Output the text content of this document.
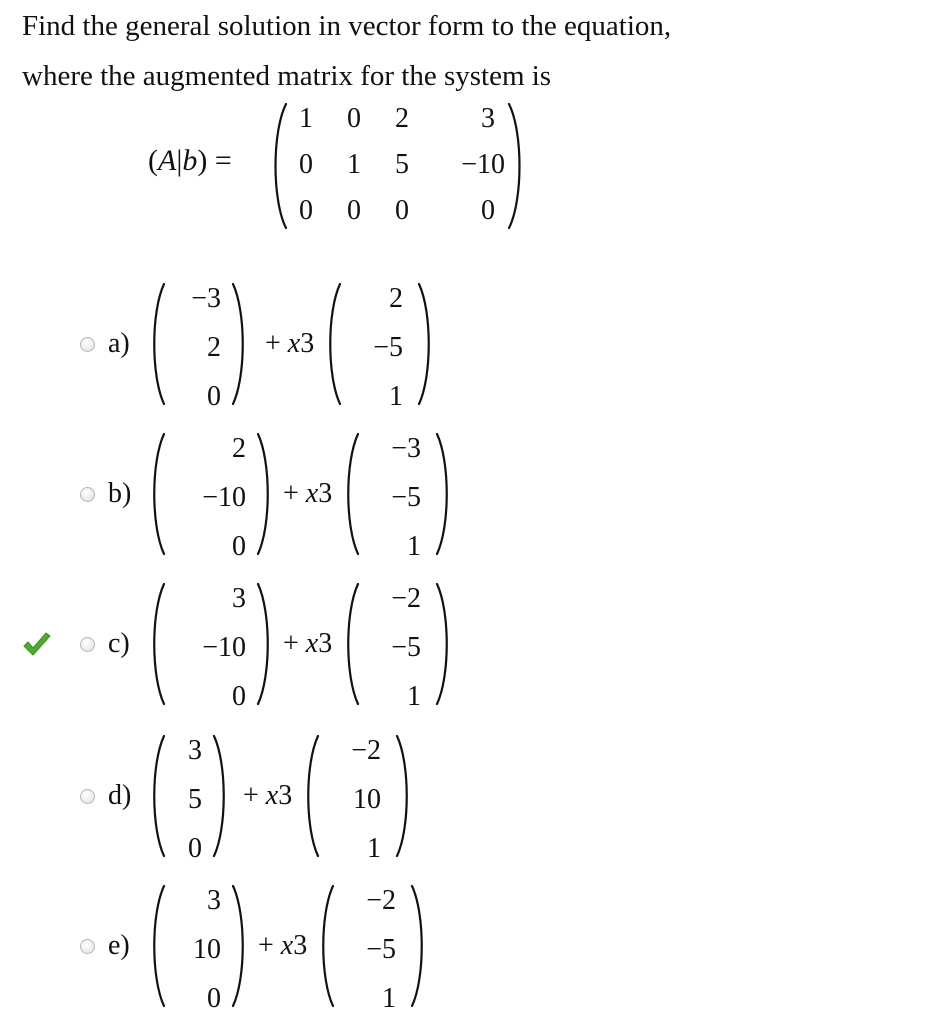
Find the general solution in vector form to the equation,
where the augmented matrix for the system is
(A|b) =
1 0 2	3
0 1 5	−10
0 0 0	0
a)
−3
2
0
+ x3
2
−5
1
b)
2
−10
0
+ x3
−3
−5
1
c)
3
−10
0
+ x3
−2
−5
1
d)
3
5
0
+ x3
−2
10
1
e)
3
10
0
+ x3
−2
−5
1
